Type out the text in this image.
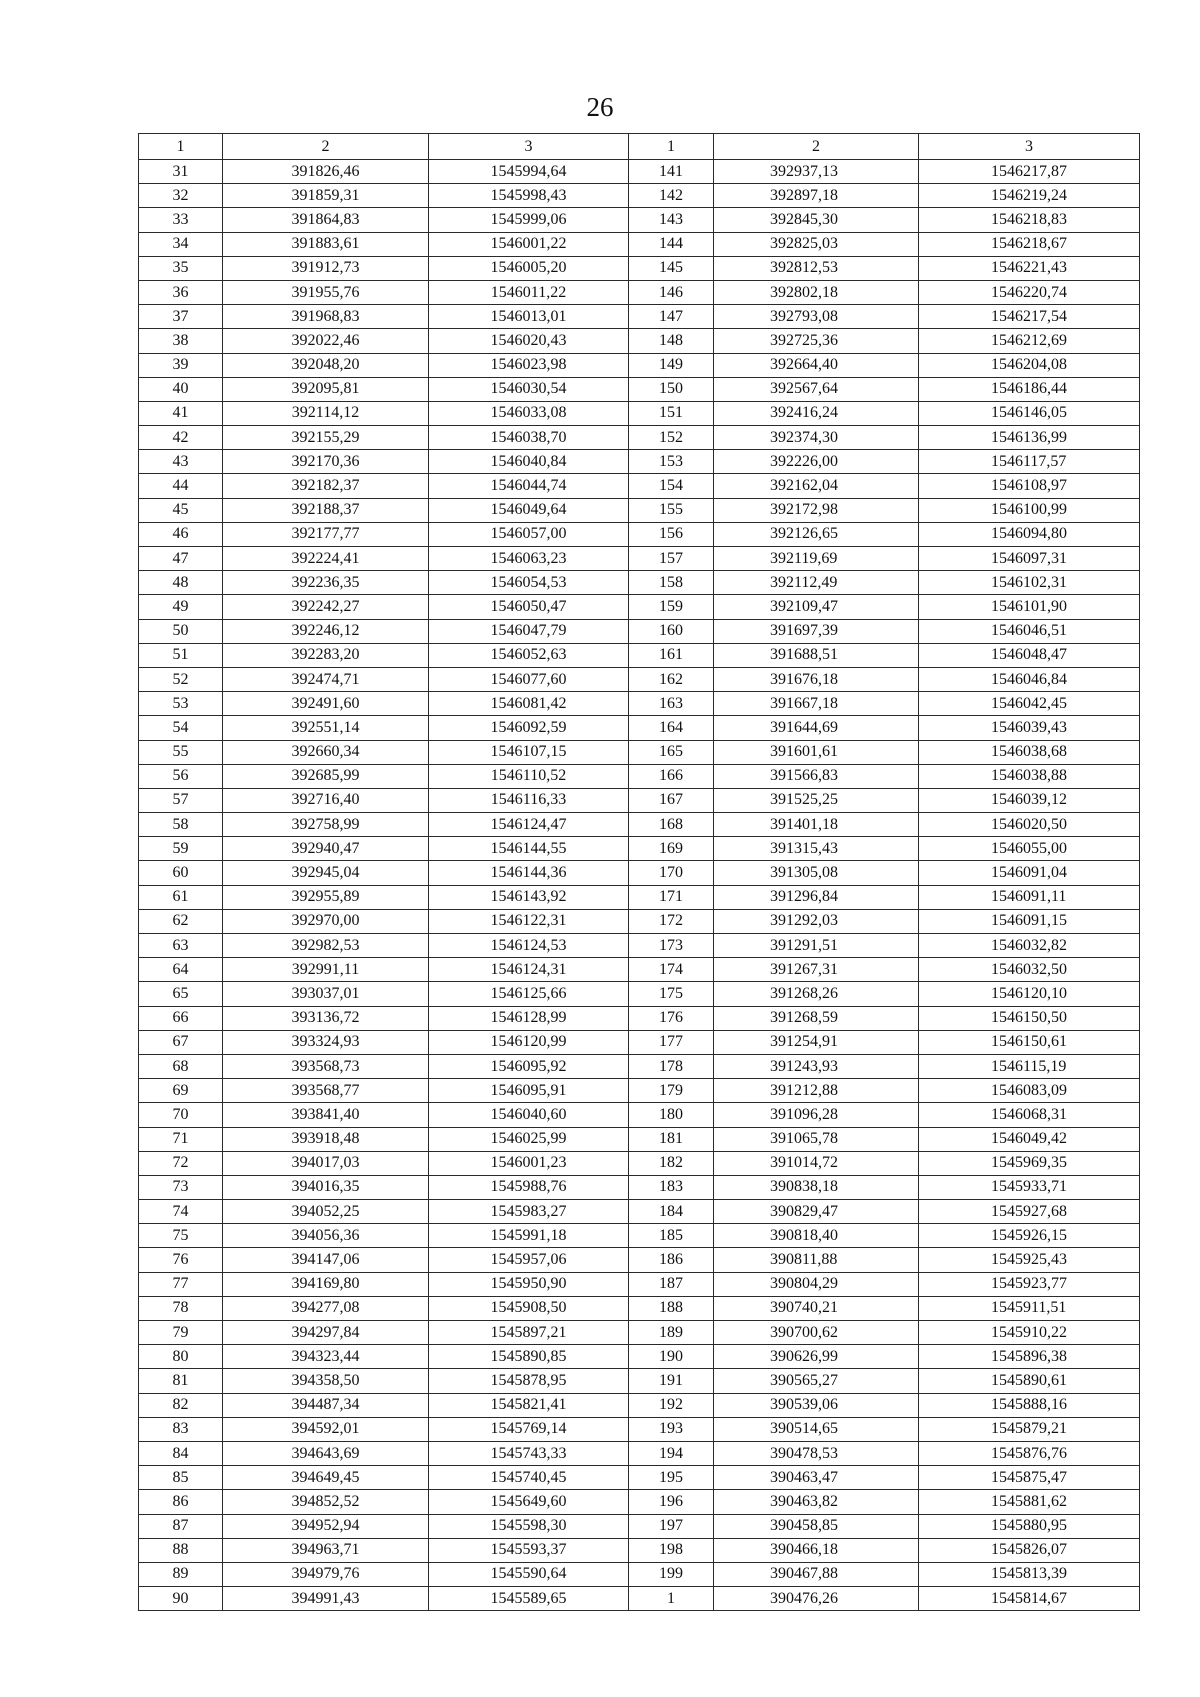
26
1	2	3	1	2	3
31	391826,46	1545994,64	141	392937,13	1546217,87
32	391859,31	1545998,43	142	392897,18	1546219,24
33	391864,83	1545999,06	143	392845,30	1546218,83
34	391883,61	1546001,22	144	392825,03	1546218,67
35	391912,73	1546005,20	145	392812,53	1546221,43
36	391955,76	1546011,22	146	392802,18	1546220,74
37	391968,83	1546013,01	147	392793,08	1546217,54
38	392022,46	1546020,43	148	392725,36	1546212,69
39	392048,20	1546023,98	149	392664,40	1546204,08
40	392095,81	1546030,54	150	392567,64	1546186,44
41	392114,12	1546033,08	151	392416,24	1546146,05
42	392155,29	1546038,70	152	392374,30	1546136,99
43	392170,36	1546040,84	153	392226,00	1546117,57
44	392182,37	1546044,74	154	392162,04	1546108,97
45	392188,37	1546049,64	155	392172,98	1546100,99
46	392177,77	1546057,00	156	392126,65	1546094,80
47	392224,41	1546063,23	157	392119,69	1546097,31
48	392236,35	1546054,53	158	392112,49	1546102,31
49	392242,27	1546050,47	159	392109,47	1546101,90
50	392246,12	1546047,79	160	391697,39	1546046,51
51	392283,20	1546052,63	161	391688,51	1546048,47
52	392474,71	1546077,60	162	391676,18	1546046,84
53	392491,60	1546081,42	163	391667,18	1546042,45
54	392551,14	1546092,59	164	391644,69	1546039,43
55	392660,34	1546107,15	165	391601,61	1546038,68
56	392685,99	1546110,52	166	391566,83	1546038,88
57	392716,40	1546116,33	167	391525,25	1546039,12
58	392758,99	1546124,47	168	391401,18	1546020,50
59	392940,47	1546144,55	169	391315,43	1546055,00
60	392945,04	1546144,36	170	391305,08	1546091,04
61	392955,89	1546143,92	171	391296,84	1546091,11
62	392970,00	1546122,31	172	391292,03	1546091,15
63	392982,53	1546124,53	173	391291,51	1546032,82
64	392991,11	1546124,31	174	391267,31	1546032,50
65	393037,01	1546125,66	175	391268,26	1546120,10
66	393136,72	1546128,99	176	391268,59	1546150,50
67	393324,93	1546120,99	177	391254,91	1546150,61
68	393568,73	1546095,92	178	391243,93	1546115,19
69	393568,77	1546095,91	179	391212,88	1546083,09
70	393841,40	1546040,60	180	391096,28	1546068,31
71	393918,48	1546025,99	181	391065,78	1546049,42
72	394017,03	1546001,23	182	391014,72	1545969,35
73	394016,35	1545988,76	183	390838,18	1545933,71
74	394052,25	1545983,27	184	390829,47	1545927,68
75	394056,36	1545991,18	185	390818,40	1545926,15
76	394147,06	1545957,06	186	390811,88	1545925,43
77	394169,80	1545950,90	187	390804,29	1545923,77
78	394277,08	1545908,50	188	390740,21	1545911,51
79	394297,84	1545897,21	189	390700,62	1545910,22
80	394323,44	1545890,85	190	390626,99	1545896,38
81	394358,50	1545878,95	191	390565,27	1545890,61
82	394487,34	1545821,41	192	390539,06	1545888,16
83	394592,01	1545769,14	193	390514,65	1545879,21
84	394643,69	1545743,33	194	390478,53	1545876,76
85	394649,45	1545740,45	195	390463,47	1545875,47
86	394852,52	1545649,60	196	390463,82	1545881,62
87	394952,94	1545598,30	197	390458,85	1545880,95
88	394963,71	1545593,37	198	390466,18	1545826,07
89	394979,76	1545590,64	199	390467,88	1545813,39
90	394991,43	1545589,65	1	390476,26	1545814,67
